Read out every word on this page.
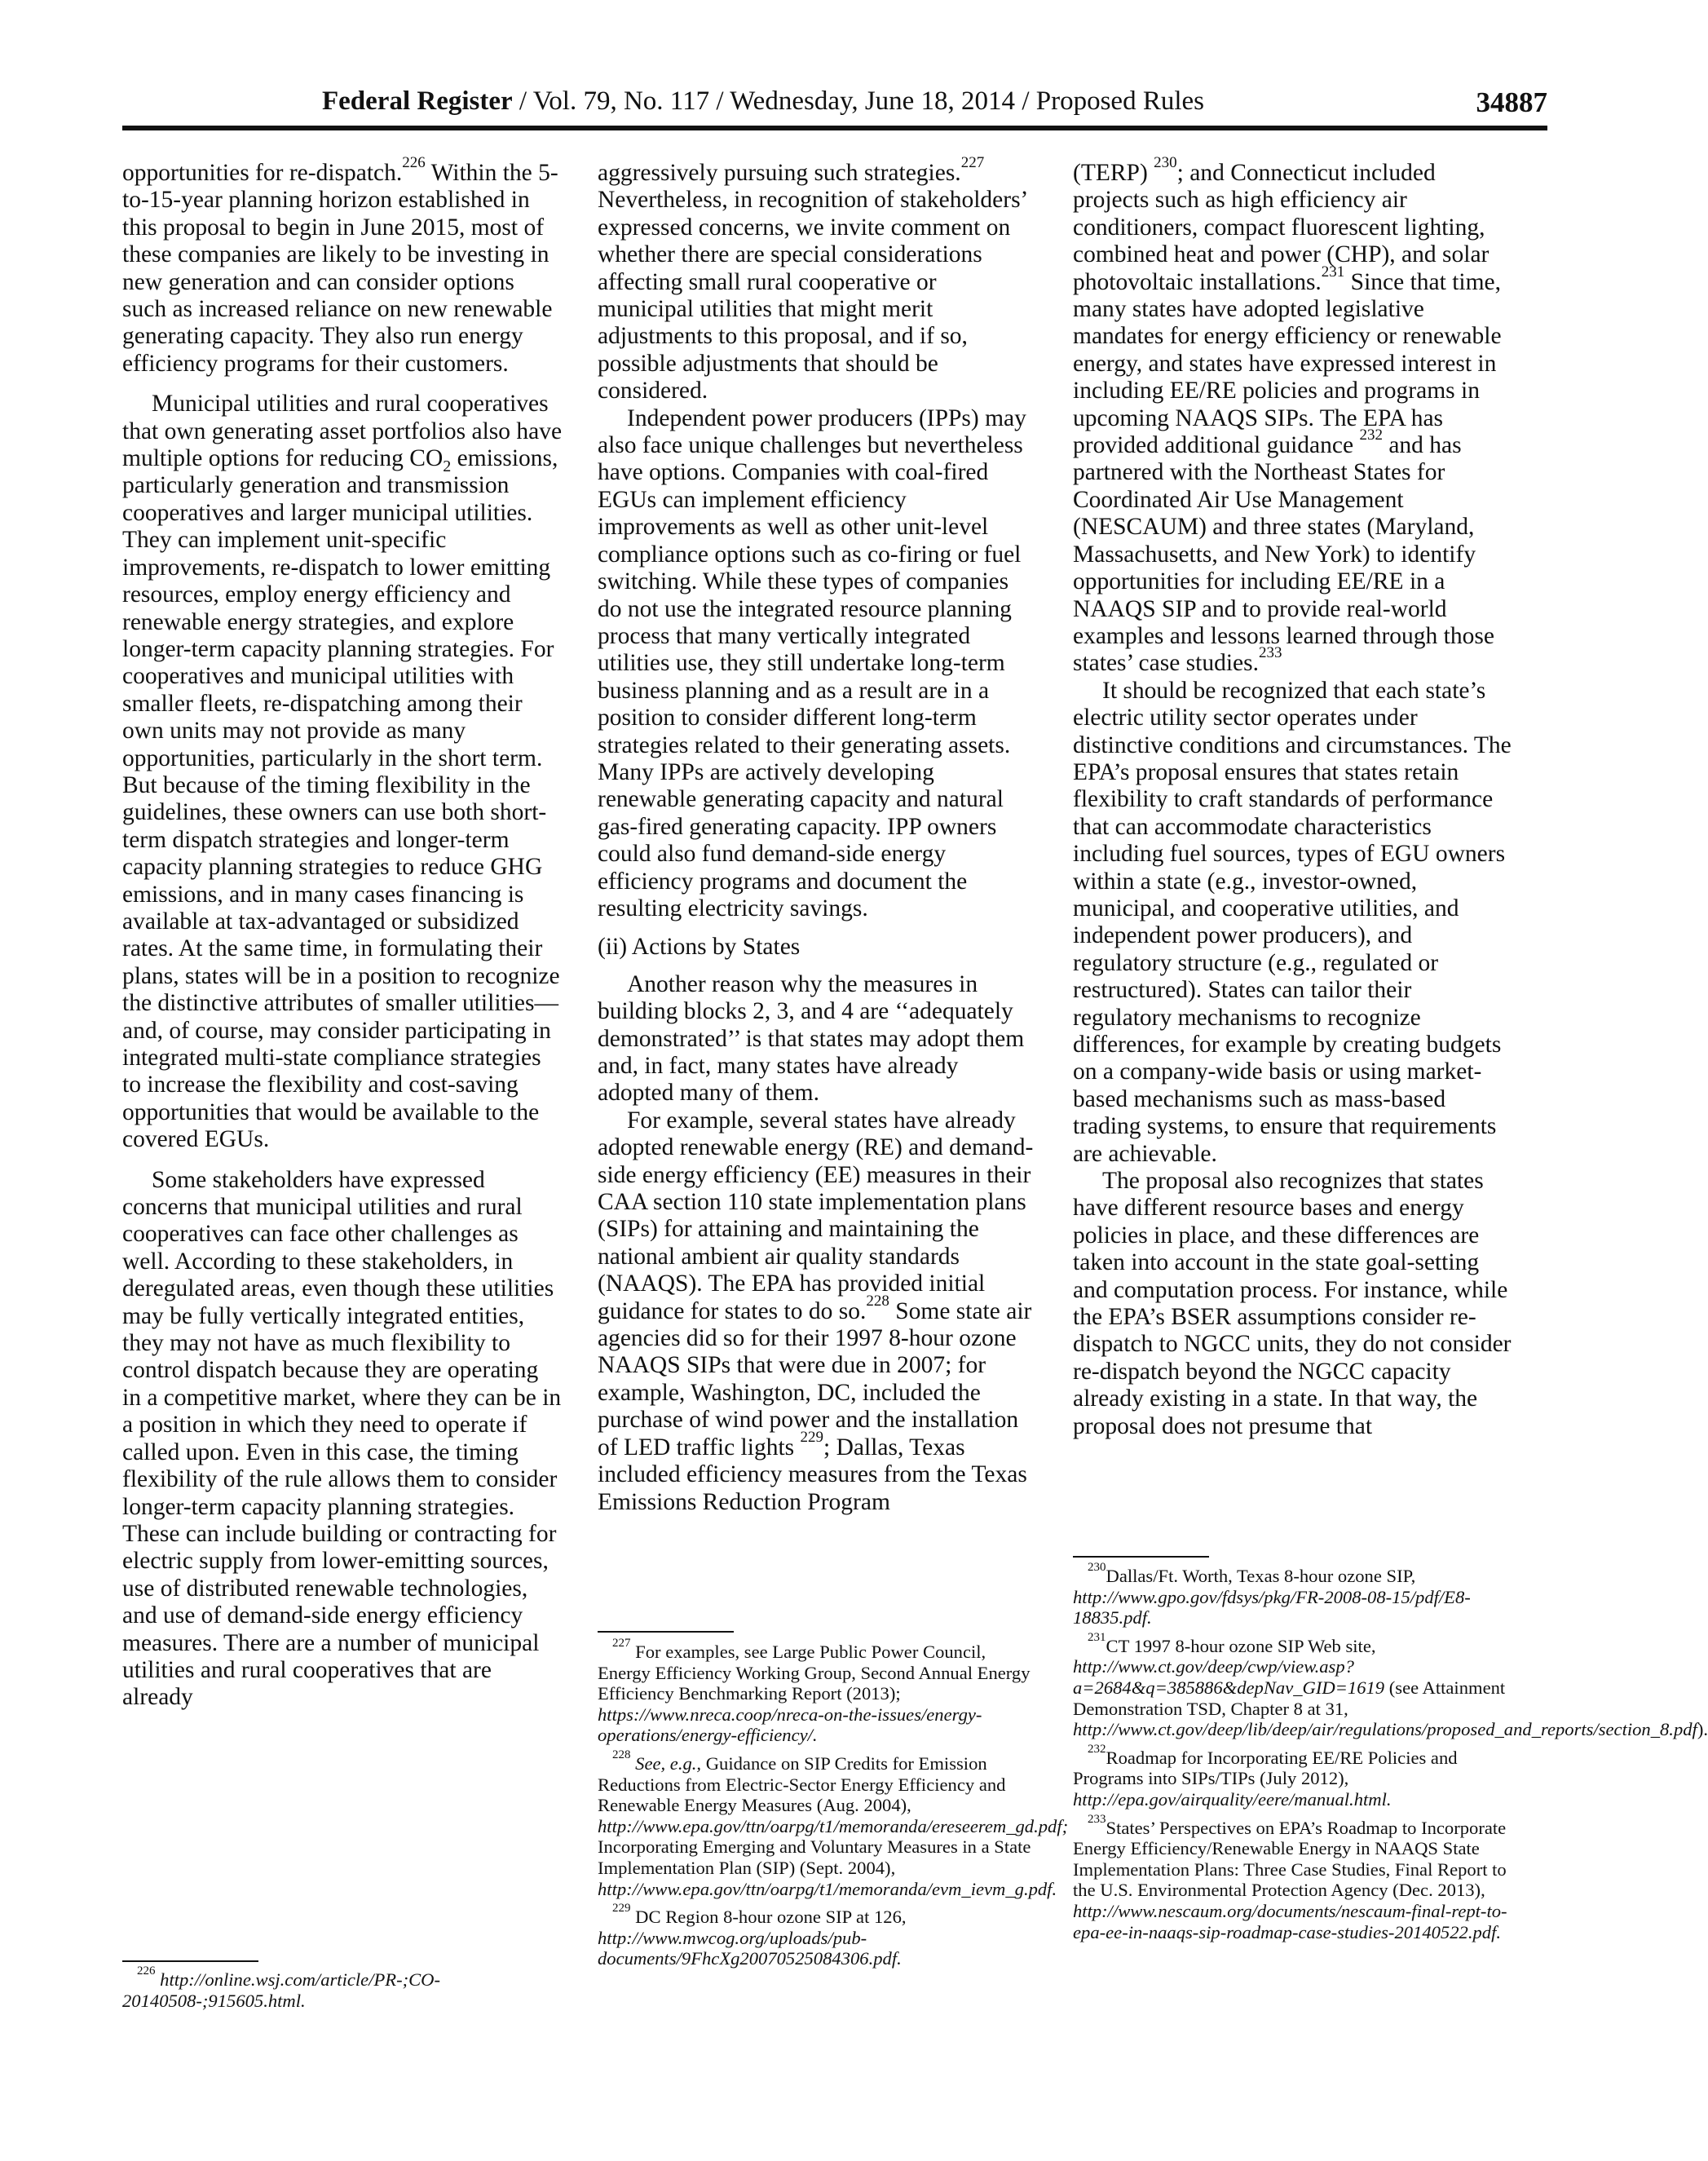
Federal Register / Vol. 79, No. 117 / Wednesday, June 18, 2014 / Proposed Rules	34887

opportunities for re-dispatch.$^{226}$ Within the 5-to-15-year planning horizon established in this proposal to begin in June 2015, most of these companies are likely to be investing in new generation and can consider options such as increased reliance on new renewable generating capacity. They also run energy efficiency programs for their customers.

Municipal utilities and rural cooperatives that own generating asset portfolios also have multiple options for reducing $CO_2$ emissions, particularly generation and transmission cooperatives and larger municipal utilities. They can implement unit-specific improvements, re-dispatch to lower emitting resources, employ energy efficiency and renewable energy strategies, and explore longer-term capacity planning strategies. For cooperatives and municipal utilities with smaller fleets, re-dispatching among their own units may not provide as many opportunities, particularly in the short term. But because of the timing flexibility in the guidelines, these owners can use both short-term dispatch strategies and longer-term capacity planning strategies to reduce GHG emissions, and in many cases financing is available at tax-advantaged or subsidized rates. At the same time, in formulating their plans, states will be in a position to recognize the distinctive attributes of smaller utilities—and, of course, may consider participating in integrated multi-state compliance strategies to increase the flexibility and cost-saving opportunities that would be available to the covered EGUs.

Some stakeholders have expressed concerns that municipal utilities and rural cooperatives can face other challenges as well. According to these stakeholders, in deregulated areas, even though these utilities may be fully vertically integrated entities, they may not have as much flexibility to control dispatch because they are operating in a competitive market, where they can be in a position in which they need to operate if called upon. Even in this case, the timing flexibility of the rule allows them to consider longer-term capacity planning strategies. These can include building or contracting for electric supply from lower-emitting sources, use of distributed renewable technologies, and use of demand-side energy efficiency measures. There are a number of municipal utilities and rural cooperatives that are already

aggressively pursuing such strategies.$^{227}$ Nevertheless, in recognition of stakeholders’ expressed concerns, we invite comment on whether there are special considerations affecting small rural cooperative or municipal utilities that might merit adjustments to this proposal, and if so, possible adjustments that should be considered.

Independent power producers (IPPs) may also face unique challenges but nevertheless have options. Companies with coal-fired EGUs can implement efficiency improvements as well as other unit-level compliance options such as co-firing or fuel switching. While these types of companies do not use the integrated resource planning process that many vertically integrated utilities use, they still undertake long-term business planning and as a result are in a position to consider different long-term strategies related to their generating assets. Many IPPs are actively developing renewable generating capacity and natural gas-fired generating capacity. IPP owners could also fund demand-side energy efficiency programs and document the resulting electricity savings.

(ii) Actions by States

Another reason why the measures in building blocks 2, 3, and 4 are ‘‘adequately demonstrated’’ is that states may adopt them and, in fact, many states have already adopted many of them.

For example, several states have already adopted renewable energy (RE) and demand-side energy efficiency (EE) measures in their CAA section 110 state implementation plans (SIPs) for attaining and maintaining the national ambient air quality standards (NAAQS). The EPA has provided initial guidance for states to do so.$^{228}$ Some state air agencies did so for their 1997 8-hour ozone NAAQS SIPs that were due in 2007; for example, Washington, DC, included the purchase of wind power and the installation of LED traffic lights $^{229}$; Dallas, Texas included efficiency measures from the Texas Emissions Reduction Program

(TERP) $^{230}$; and Connecticut included projects such as high efficiency air conditioners, compact fluorescent lighting, combined heat and power (CHP), and solar photovoltaic installations.$^{231}$ Since that time, many states have adopted legislative mandates for energy efficiency or renewable energy, and states have expressed interest in including EE/RE policies and programs in upcoming NAAQS SIPs. The EPA has provided additional guidance $^{232}$ and has partnered with the Northeast States for Coordinated Air Use Management (NESCAUM) and three states (Maryland, Massachusetts, and New York) to identify opportunities for including EE/RE in a NAAQS SIP and to provide real-world examples and lessons learned through those states’ case studies.$^{233}$

It should be recognized that each state’s electric utility sector operates under distinctive conditions and circumstances. The EPA’s proposal ensures that states retain flexibility to craft standards of performance that can accommodate characteristics including fuel sources, types of EGU owners within a state (e.g., investor-owned, municipal, and cooperative utilities, and independent power producers), and regulatory structure (e.g., regulated or restructured). States can tailor their regulatory mechanisms to recognize differences, for example by creating budgets on a company-wide basis or using market-based mechanisms such as mass-based trading systems, to ensure that requirements are achievable.

The proposal also recognizes that states have different resource bases and energy policies in place, and these differences are taken into account in the state goal-setting and computation process. For instance, while the EPA’s BSER assumptions consider re-dispatch to NGCC units, they do not consider re-dispatch beyond the NGCC capacity already existing in a state. In that way, the proposal does not presume that

$^{226}$ http://online.wsj.com/article/PR-;CO-20140508-;915605.html.

$^{227}$ For examples, see Large Public Power Council, Energy Efficiency Working Group, Second Annual Energy Efficiency Benchmarking Report (2013); https://www.nreca.coop/nreca-on-the-issues/energy-operations/energy-efficiency/.

$^{228}$ See, e.g., Guidance on SIP Credits for Emission Reductions from Electric-Sector Energy Efficiency and Renewable Energy Measures (Aug. 2004), http://www.epa.gov/ttn/oarpg/t1/memoranda/ereseerem_gd.pdf; Incorporating Emerging and Voluntary Measures in a State Implementation Plan (SIP) (Sept. 2004), http://www.epa.gov/ttn/oarpg/t1/memoranda/evm_ievm_g.pdf.

$^{229}$ DC Region 8-hour ozone SIP at 126, http://www.mwcog.org/uploads/pub-documents/9FhcXg20070525084306.pdf.

$^{230}$Dallas/Ft. Worth, Texas 8-hour ozone SIP, http://www.gpo.gov/fdsys/pkg/FR-2008-08-15/pdf/E8-18835.pdf.

$^{231}$CT 1997 8-hour ozone SIP Web site, http://www.ct.gov/deep/cwp/view.asp?a=2684&q=385886&depNav_GID=1619 (see Attainment Demonstration TSD, Chapter 8 at 31, http://www.ct.gov/deep/lib/deep/air/regulations/proposed_and_reports/section_8.pdf).

$^{232}$Roadmap for Incorporating EE/RE Policies and Programs into SIPs/TIPs (July 2012), http://epa.gov/airquality/eere/manual.html.

$^{233}$States’ Perspectives on EPA’s Roadmap to Incorporate Energy Efficiency/Renewable Energy in NAAQS State Implementation Plans: Three Case Studies, Final Report to the U.S. Environmental Protection Agency (Dec. 2013), http://www.nescaum.org/documents/nescaum-final-rept-to-epa-ee-in-naaqs-sip-roadmap-case-studies-20140522.pdf.
